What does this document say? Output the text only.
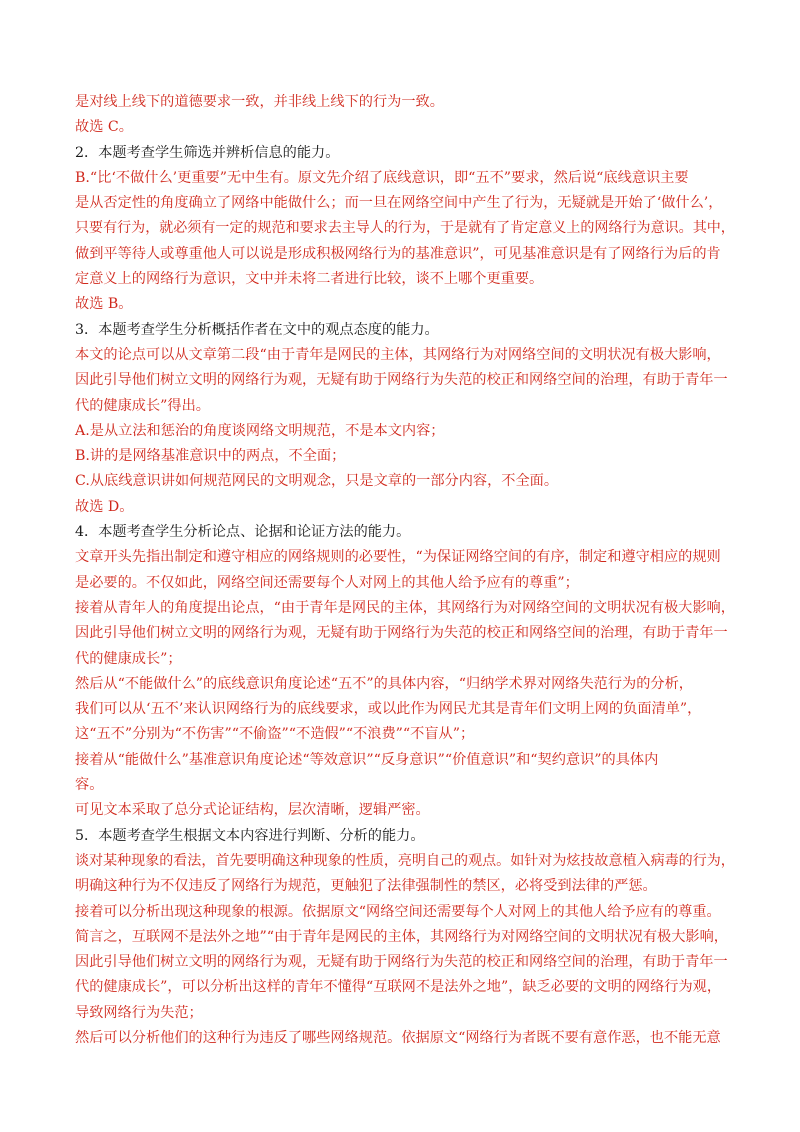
是对线上线下的道德要求一致，并非线上线下的行为一致。
故选 C。
2．本题考查学生筛选并辨析信息的能力。
B.“比‘不做什么’更重要”无中生有。原文先介绍了底线意识，即“五不”要求，然后说“底线意识主要
是从否定性的角度确立了网络中能做什么；而一旦在网络空间中产生了行为，无疑就是开始了‘做什么’，
只要有行为，就必须有一定的规范和要求去主导人的行为，于是就有了肯定意义上的网络行为意识。其中，
做到平等待人或尊重他人可以说是形成积极网络行为的基准意识”，可见基准意识是有了网络行为后的肯
定意义上的网络行为意识，文中并未将二者进行比较，谈不上哪个更重要。
故选 B。
3．本题考查学生分析概括作者在文中的观点态度的能力。
本文的论点可以从文章第二段“由于青年是网民的主体，其网络行为对网络空间的文明状况有极大影响，
因此引导他们树立文明的网络行为观，无疑有助于网络行为失范的校正和网络空间的治理，有助于青年一
代的健康成长”得出。
A.是从立法和惩治的角度谈网络文明规范，不是本文内容；
B.讲的是网络基准意识中的两点，不全面；
C.从底线意识讲如何规范网民的文明观念，只是文章的一部分内容，不全面。
故选 D。
4．本题考查学生分析论点、论据和论证方法的能力。
文章开头先指出制定和遵守相应的网络规则的必要性，“为保证网络空间的有序，制定和遵守相应的规则
是必要的。不仅如此，网络空间还需要每个人对网上的其他人给予应有的尊重”；
接着从青年人的角度提出论点，“由于青年是网民的主体，其网络行为对网络空间的文明状况有极大影响，
因此引导他们树立文明的网络行为观，无疑有助于网络行为失范的校正和网络空间的治理，有助于青年一
代的健康成长”；
然后从“不能做什么”的底线意识角度论述“五不”的具体内容，“归纳学术界对网络失范行为的分析，
我们可以从‘五不’来认识网络行为的底线要求，或以此作为网民尤其是青年们文明上网的负面清单”，
这“五不”分别为“不伤害”“不偷盗”“不造假”“不浪费”“不盲从”；
接着从“能做什么”基准意识角度论述“等效意识”“反身意识”“价值意识”和“契约意识”的具体内
容。
可见文本采取了总分式论证结构，层次清晰，逻辑严密。
5．本题考查学生根据文本内容进行判断、分析的能力。
谈对某种现象的看法，首先要明确这种现象的性质，亮明自己的观点。如针对为炫技故意植入病毒的行为，
明确这种行为不仅违反了网络行为规范，更触犯了法律强制性的禁区，必将受到法律的严惩。
接着可以分析出现这种现象的根源。依据原文“网络空间还需要每个人对网上的其他人给予应有的尊重。
简言之，互联网不是法外之地”“由于青年是网民的主体，其网络行为对网络空间的文明状况有极大影响，
因此引导他们树立文明的网络行为观，无疑有助于网络行为失范的校正和网络空间的治理，有助于青年一
代的健康成长”，可以分析出这样的青年不懂得“互联网不是法外之地”，缺乏必要的文明的网络行为观，
导致网络行为失范；
然后可以分析他们的这种行为违反了哪些网络规范。依据原文“网络行为者既不要有意作恶，也不能无意
